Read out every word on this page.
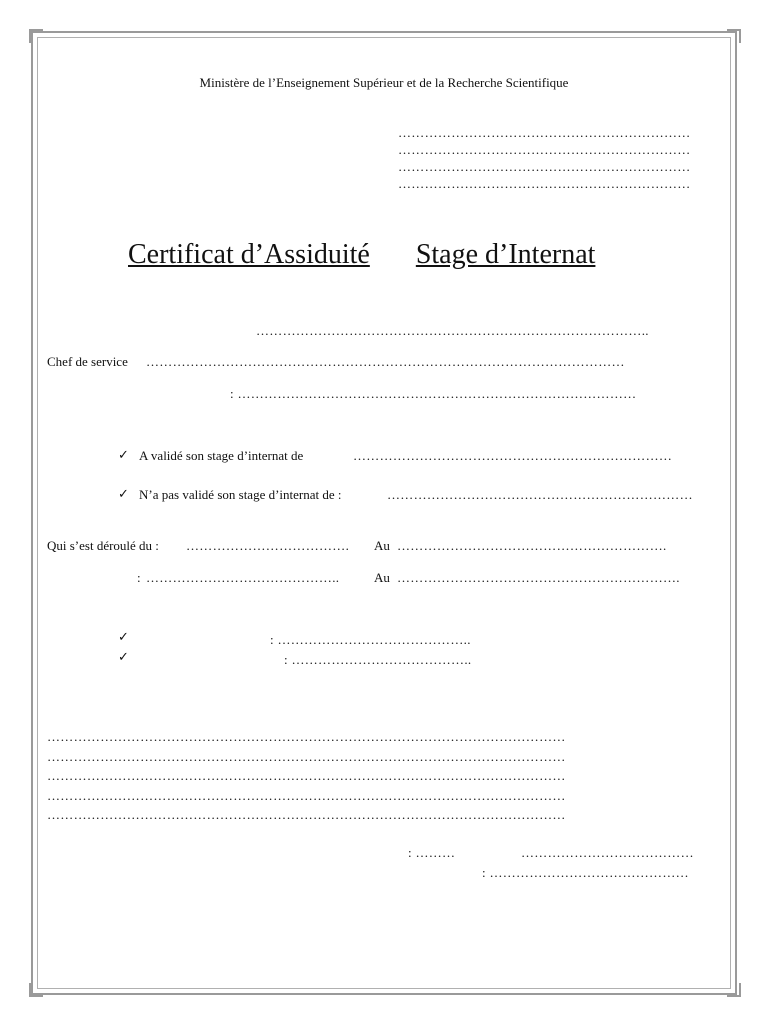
Ministère de l’Enseignement Supérieur et de la Recherche Scientifique
…………………………………………………………
…………………………………………………………
…………………………………………………………
…………………………………………………………
Certificat d’Assiduité Stage d’Internat
……………………………………………………………………………..
Chef de service ………………………………………………………………………………………………
: ………………………………………………………………………………
✓ A validé son stage d’internat de	………………………………………………………………
✓ N’a pas validé son stage d’internat de :	……………………………………………………………
Qui s’est déroulé du : ……………………………….	Au …………………………………………………….
: ……………………………………..	Au ……………………………………………………….
✓	: ……………………………………..
✓	: …………………………………..
………………………………………………………………………………………………………
………………………………………………………………………………………………………
………………………………………………………………………………………………………
………………………………………………………………………………………………………
………………………………………………………………………………………………………
: ………	…………………………………
: ………………………………………
